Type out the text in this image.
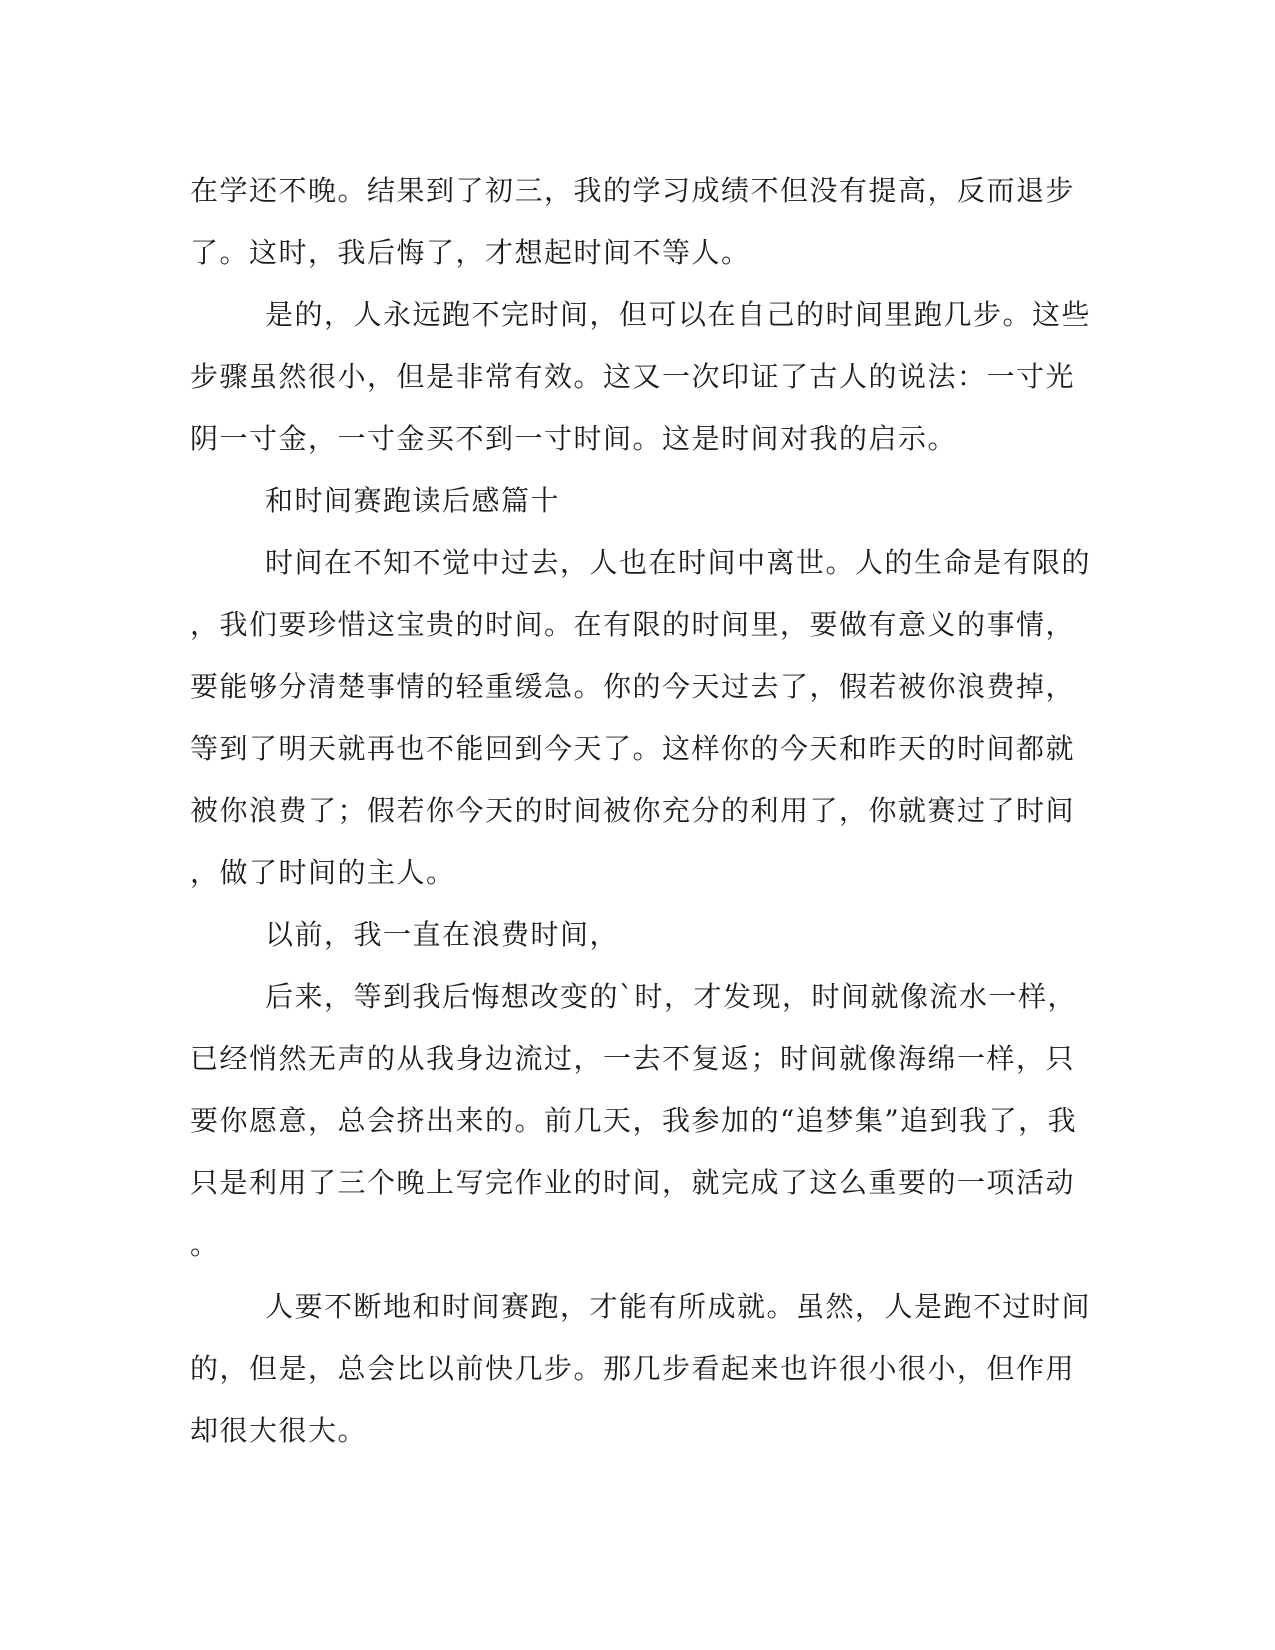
在学还不晚。结果到了初三，我的学习成绩不但没有提高，反而退步
了。这时，我后悔了，才想起时间不等人。
是的，人永远跑不完时间，但可以在自己的时间里跑几步。这些
步骤虽然很小，但是非常有效。这又一次印证了古人的说法：一寸光
阴一寸金，一寸金买不到一寸时间。这是时间对我的启示。
和时间赛跑读后感篇十
时间在不知不觉中过去，人也在时间中离世。人的生命是有限的
，我们要珍惜这宝贵的时间。在有限的时间里，要做有意义的事情，
要能够分清楚事情的轻重缓急。你的今天过去了，假若被你浪费掉，
等到了明天就再也不能回到今天了。这样你的今天和昨天的时间都就
被你浪费了；假若你今天的时间被你充分的利用了，你就赛过了时间
，做了时间的主人。
以前，我一直在浪费时间，
后来，等到我后悔想改变的`时，才发现，时间就像流水一样，
已经悄然无声的从我身边流过，一去不复返；时间就像海绵一样，只
要你愿意，总会挤出来的。前几天，我参加的“追梦集”追到我了，我
只是利用了三个晚上写完作业的时间，就完成了这么重要的一项活动
。
人要不断地和时间赛跑，才能有所成就。虽然，人是跑不过时间
的，但是，总会比以前快几步。那几步看起来也许很小很小，但作用
却很大很大。
